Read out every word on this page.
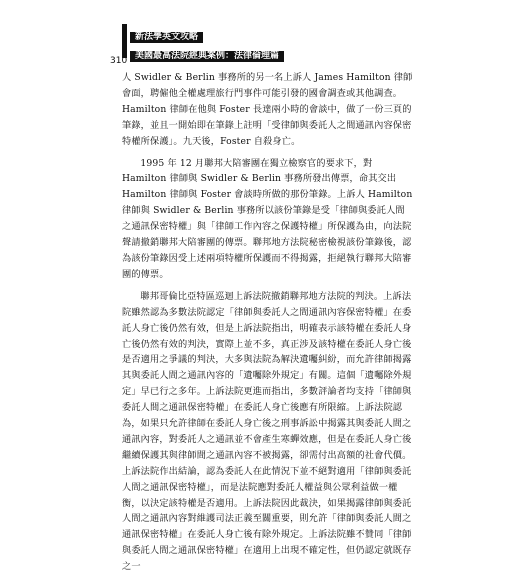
新法學英文攻略
美國最高法院經典案例：法律倫理篇
310

人 Swidler & Berlin 事務所的另一名上訴人 James Hamilton 律師會面，聘僱他全權處理旅行門事件可能引發的國會調查或其他調查。Hamilton 律師在他與 Foster 長達兩小時的會談中，做了一份三頁的筆錄，並且一開始即在筆錄上註明「受律師與委託人之間通訊內容保密特權所保護」。九天後，Foster 自殺身亡。

1995 年 12 月聯邦大陪審團在獨立檢察官的要求下，對 Hamilton 律師與 Swidler & Berlin 事務所發出傳票，命其交出 Hamilton 律師與 Foster 會談時所做的那份筆錄。上訴人 Hamilton 律師與 Swidler & Berlin 事務所以該份筆錄是受「律師與委託人間之通訊保密特權」與「律師工作內容之保護特權」所保護為由，向法院聲請撤銷聯邦大陪審團的傳票。聯邦地方法院秘密檢視該份筆錄後，認為該份筆錄因受上述兩項特權所保護而不得揭露，拒絕執行聯邦大陪審團的傳票。

聯邦哥倫比亞特區巡迴上訴法院撤銷聯邦地方法院的判決。上訴法院雖然認為多數法院認定「律師與委託人之間通訊內容保密特權」在委託人身亡後仍然有效，但是上訴法院指出，明確表示該特權在委託人身亡後仍然有效的判決，實際上並不多，真正涉及該特權在委託人身亡後是否適用之爭議的判決，大多與法院為解決遺囑糾紛，而允許律師揭露其與委託人間之通訊內容的「遺囑除外規定」有關。這個「遺囑除外規定」早已行之多年。上訴法院更進而指出，多數評論者均支持「律師與委託人間之通訊保密特權」在委託人身亡後應有所限縮。上訴法院認為，如果只允許律師在委託人身亡後之刑事訴訟中揭露其與委託人間之通訊內容，對委託人之通訊並不會產生寒蟬效應，但是在委託人身亡後繼續保護其與律師間之通訊內容不被揭露，卻需付出高額的社會代價。上訴法院作出結論，認為委託人在此情況下並不絕對適用「律師與委託人間之通訊保密特權」，而是法院應對委託人權益與公眾利益做一權衡，以決定該特權是否適用。上訴法院因此裁決，如果揭露律師與委託人間之通訊內容對維護司法正義至關重要，則允許「律師與委託人間之通訊保密特權」在委託人身亡後有除外規定。上訴法院雖不贊同「律師與委託人間之通訊保密特權」在適用上出現不確定性，但仍認定就既存之一
